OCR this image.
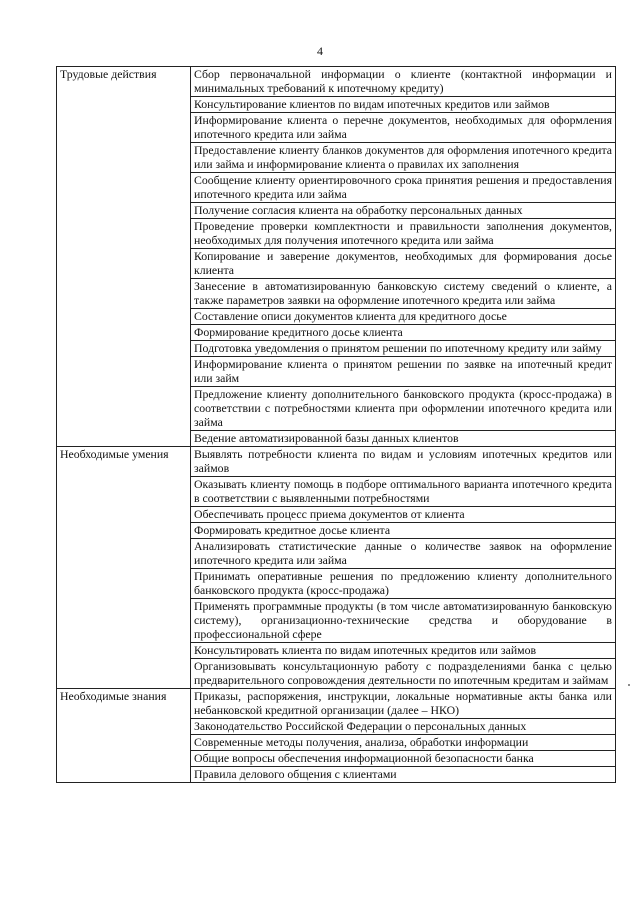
4
Трудовые действия	Сбор первоначальной информации о клиенте (контактной информации и минимальных требований к ипотечному кредиту)
	Консультирование клиентов по видам ипотечных кредитов или займов
	Информирование клиента о перечне документов, необходимых для оформления ипотечного кредита или займа
	Предоставление клиенту бланков документов для оформления ипотечного кредита или займа и информирование клиента о правилах их заполнения
	Сообщение клиенту ориентировочного срока принятия решения и предоставления ипотечного кредита или займа
	Получение согласия клиента на обработку персональных данных
	Проведение проверки комплектности и правильности заполнения документов, необходимых для получения ипотечного кредита или займа
	Копирование и заверение документов, необходимых для формирования досье клиента
	Занесение в автоматизированную банковскую систему сведений о клиенте, а также параметров заявки на оформление ипотечного кредита или займа
	Составление описи документов клиента для кредитного досье
	Формирование кредитного досье клиента
	Подготовка уведомления о принятом решении по ипотечному кредиту или займу
	Информирование клиента о принятом решении по заявке на ипотечный кредит или займ
	Предложение клиенту дополнительного банковского продукта (кросс-продажа) в соответствии с потребностями клиента при оформлении ипотечного кредита или займа
	Ведение автоматизированной базы данных клиентов
Необходимые умения	Выявлять потребности клиента по видам и условиям ипотечных кредитов или займов
	Оказывать клиенту помощь в подборе оптимального варианта ипотечного кредита в соответствии с выявленными потребностями
	Обеспечивать процесс приема документов от клиента
	Формировать кредитное досье клиента
	Анализировать статистические данные о количестве заявок на оформление ипотечного кредита или займа
	Принимать оперативные решения по предложению клиенту дополнительного банковского продукта (кросс-продажа)
	Применять программные продукты (в том числе автоматизированную банковскую систему), организационно-технические средства и оборудование в профессиональной сфере
	Консультировать клиента по видам ипотечных кредитов или займов
	Организовывать консультационную работу с подразделениями банка с целью предварительного сопровождения деятельности по ипотечным кредитам и займам
Необходимые знания	Приказы, распоряжения, инструкции, локальные нормативные акты банка или небанковской кредитной организации (далее – НКО)
	Законодательство Российской Федерации о персональных данных
	Современные методы получения, анализа, обработки информации
	Общие вопросы обеспечения информационной безопасности банка
	Правила делового общения с клиентами
